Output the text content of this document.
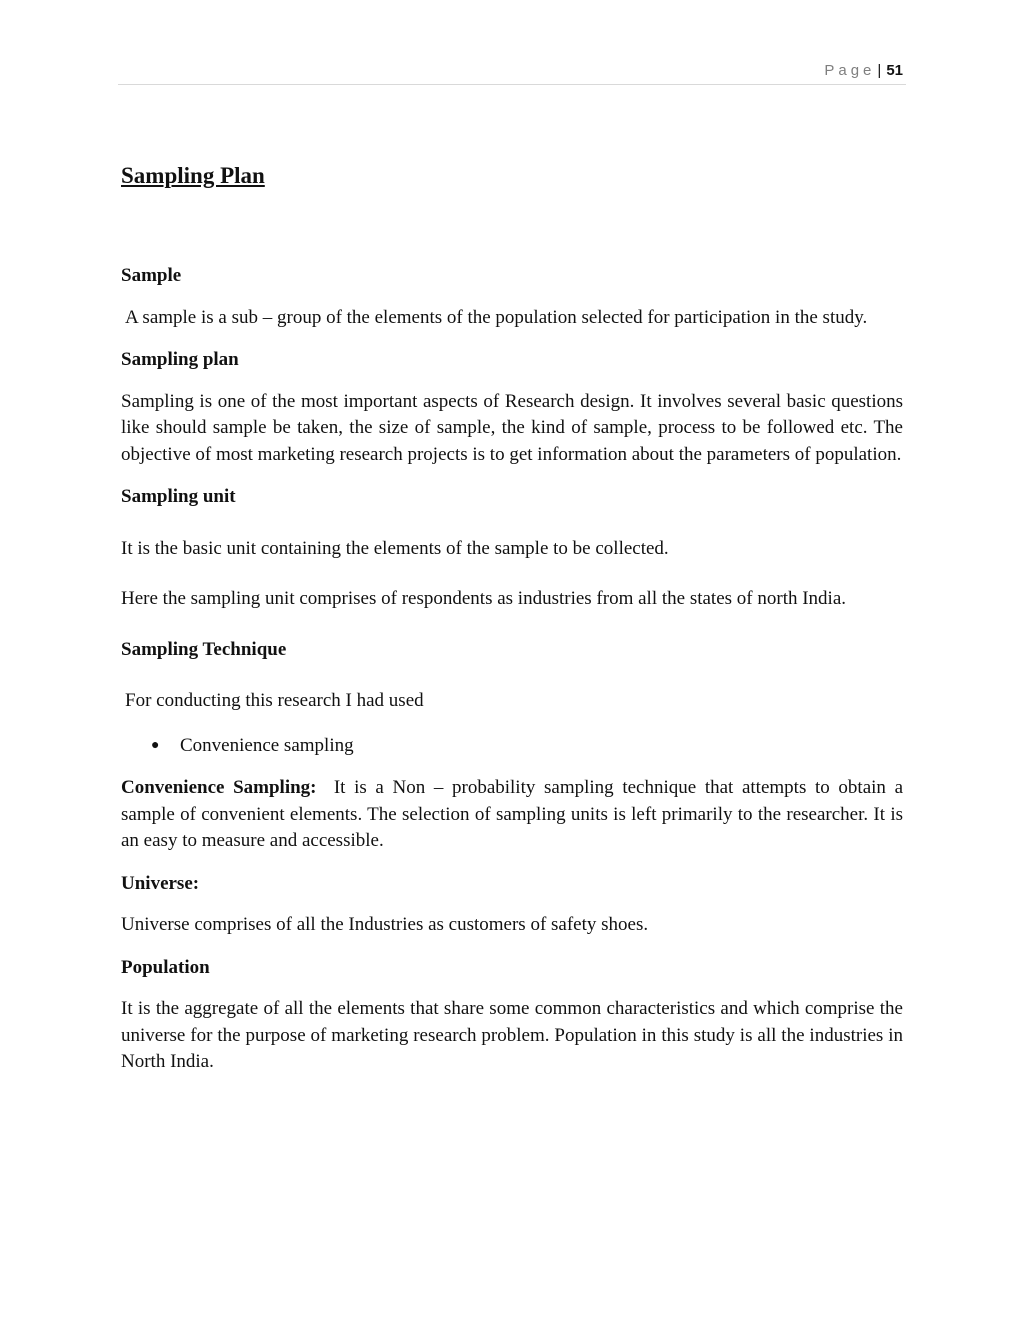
Page | 51
Sampling Plan
Sample

A sample is a sub – group of the elements of the population selected for participation in the study.

Sampling plan

Sampling is one of the most important aspects of Research design. It involves several basic questions like should sample be taken, the size of sample, the kind of sample, process to be followed etc. The objective of most marketing research projects is to get information about the parameters of population.

Sampling unit

It is the basic unit containing the elements of the sample to be collected.

Here the sampling unit comprises of respondents as industries from all the states of north India.

Sampling Technique

For conducting this research I had used

● Convenience sampling

Convenience Sampling: It is a Non – probability sampling technique that attempts to obtain a sample of convenient elements. The selection of sampling units is left primarily to the researcher. It is an easy to measure and accessible.

Universe:

Universe comprises of all the Industries as customers of safety shoes.

Population

It is the aggregate of all the elements that share some common characteristics and which comprise the universe for the purpose of marketing research problem. Population in this study is all the industries in North India.
